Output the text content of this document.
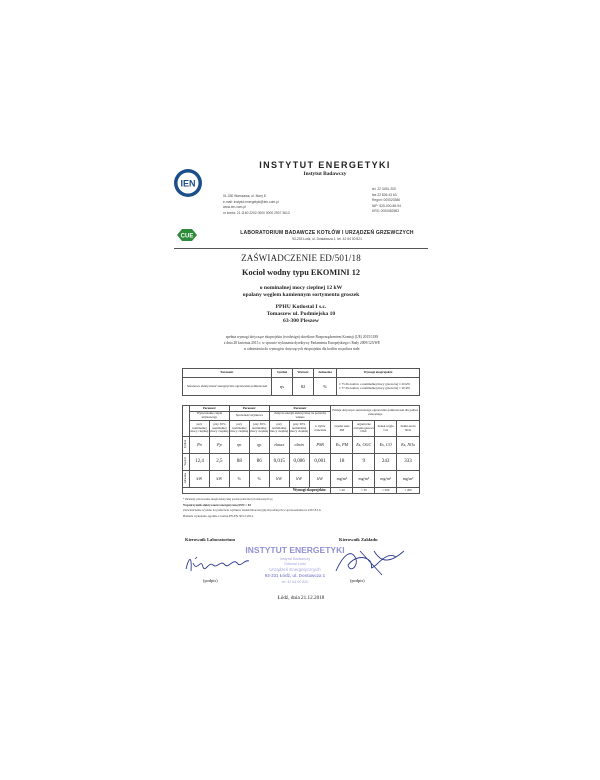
IEN
INSTYTUT ENERGETYKI
Instytut Badawczy
01-330 Warszawa, ul. Mory 8
e-mail: instytut.energetyki@ien.com.pl
www.ien.com.pl
nr konta: 21 1160 2202 0000 0000 2907 3613
tel. 22 3451-200
fax 22 836 43 63
Regon: 000020386
NIP: 525-000-86-94
KRS: 0000082983
CUE
LABORATORIUM BADAWCZE KOTŁÓW I URZĄDZEŃ GRZEWCZYCH
93-233 Łódź, ul. Dostawcza 1, tel. 42 64 00 821
ZAŚWIADCZENIE ED/501/18
Kocioł wodny typu EKOMINI 12
o nominalnej mocy cieplnej 12 kW
opalany węglem kamiennym sortymentu groszek
PPHU Kotlostal I s.c.
Tomaszew ul. Podmiejska 10
63-300 Pleszew
spełnia wymogi dotyczące ekoprojektu (ecodesign) określone Rozporządzeniem Komisji (UE) 2015/1189
z dnia 28 kwietnia 2015 r. w sprawie wykonania dyrektywy Parlamentu Europejskiego i Rady 2009/125/WE
w odniesieniu do wymogów dotyczących ekoprojektu dla kotłów na paliwa stałe.
Parametr	Symbol	Wartość	Jednostka	Wymogi ekoprojektu
Sezonowa efektywność energetyczna ogrzewania pomieszczeń	ηs	82	%	≥ 75 dla kotłów o nominalnej mocy grzewczej ≤ 20 kW
≥ 77 dla kotłów o nominalnej mocy grzewczej > 20 kW
	Parametr		Parametr		Parametr			Emisje dotyczące sezonowego ogrzewania pomieszczeń dla paliwa zalecanego			
	Wytwarzanie ciepła użytkowego		Sprawność użytkowa		Zużycie energii elektrycznej na potrzeby własne						
	przy nominalnej mocy cieplnej	przy 30% nominalnej mocy cieplnej	przy nominalnej mocy cieplnej	przy 30% nominalnej mocy cieplnej	przy nominalnej mocy cieplnej	przy 30% nominalnej mocy cieplnej	w trybie czuwania	cząstki stałe PM	organiczne związki gazowe OGC	tlenek węgla CO	tlenki azotu NOx
Symbol	Pn	Pp	ηn	ηp	elmax	elmin	PSB	Es, PM	Es, OGC	Es, CO	Es, NOx
Wartość	12,4	2,5	88	86	0,015	0,006	0,001	18	9	243	333
Jednostka	kW	kW	%	%	kW	kW	kW	mg/m³	mg/m³	mg/m³	mg/m³
Wymogi ekoprojektu:								< 40	< 30	< 500	< 200
* Parametry zastosowania energii elektrycznej potrzeb pomocniczych obliczonych wg
Wspólczynnik efektywności energetycznej EEI = 82
Zaświadczenie wydano na podstawie wyników badań laboratoryjnych podanych w sprawozdaniu nr 433/18 LG
Badania wykonano zgodnie z normą PN-EN 303-5:2012.
Kierownik Laboratorium	Kierownik Zakładu
INSTYTUT ENERGETYKI
Instytut Badawczy
Oddział Łódź
Urządzeń Energetycznych
93-231 Łódź, ul. Dostawcza 1
tel. 42 64 00 820
(podpis)	(podpis)
Łódź, dnia 21.12.2018
